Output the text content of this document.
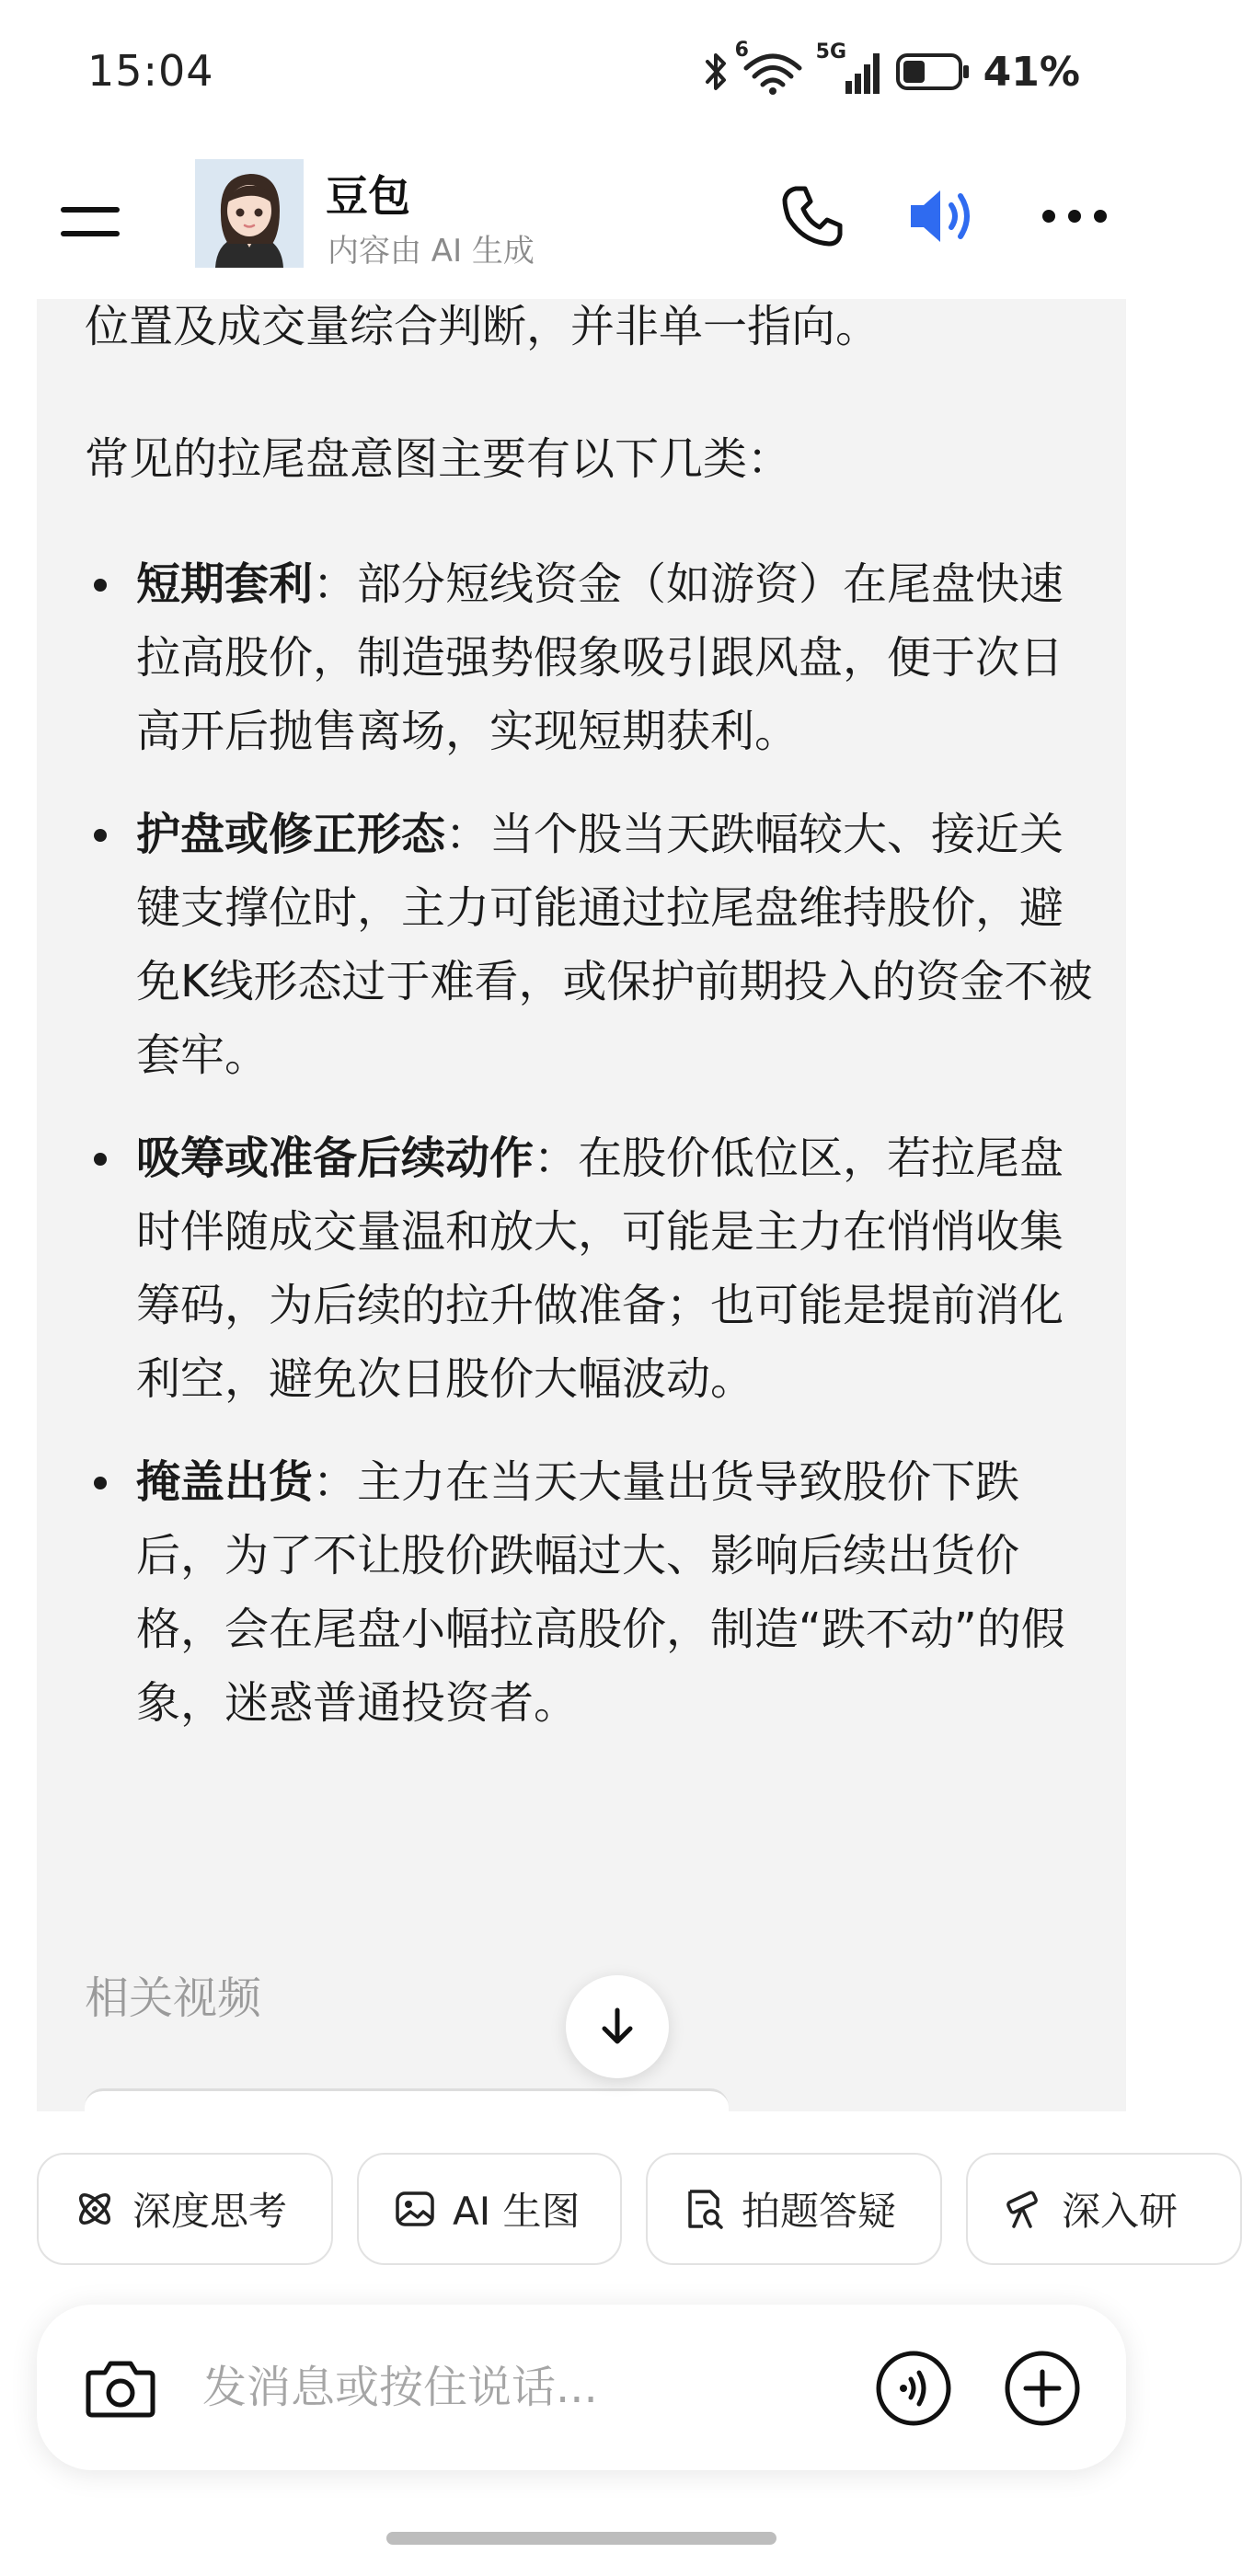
15:04	6	5G	41%
豆包
内容由 AI 生成
位置及成交量综合判断，并非单一指向。
常见的拉尾盘意图主要有以下几类：
短期套利：部分短线资金（如游资）在尾盘快速拉高股价，制造强势假象吸引跟风盘，便于次日高开后抛售离场，实现短期获利。
护盘或修正形态：当个股当天跌幅较大、接近关键支撑位时，主力可能通过拉尾盘维持股价，避免K线形态过于难看，或保护前期投入的资金不被套牢。
吸筹或准备后续动作：在股价低位区，若拉尾盘时伴随成交量温和放大，可能是主力在悄悄收集筹码，为后续的拉升做准备；也可能是提前消化利空，避免次日股价大幅波动。
掩盖出货：主力在当天大量出货导致股价下跌后，为了不让股价跌幅过大、影响后续出货价格，会在尾盘小幅拉高股价，制造“跌不动”的假象，迷惑普通投资者。
相关视频
深度思考	AI 生图	拍题答疑	深入研
发消息或按住说话...
